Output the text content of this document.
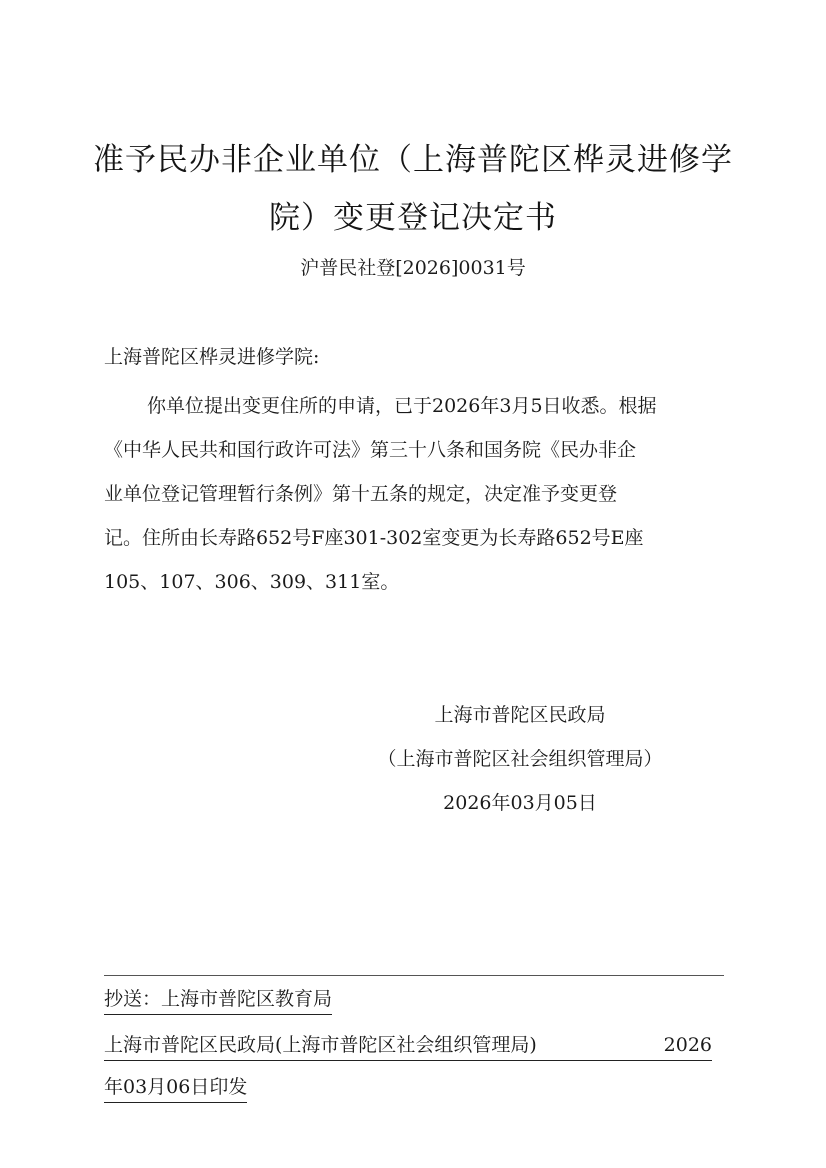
准予民办非企业单位（上海普陀区桦灵进修学
院）变更登记决定书
沪普民社登[2026]0031号
上海普陀区桦灵进修学院:
你单位提出变更住所的申请，已于2026年3月5日收悉。根据
《中华人民共和国行政许可法》第三十八条和国务院《民办非企
业单位登记管理暂行条例》第十五条的规定，决定准予变更登
记。住所由长寿路652号F座301-302室变更为长寿路652号E座
105、107、306、309、311室。
上海市普陀区民政局
（上海市普陀区社会组织管理局）
2026年03月05日
抄送：上海市普陀区教育局
上海市普陀区民政局(上海市普陀区社会组织管理局)	2026
年03月06日印发
